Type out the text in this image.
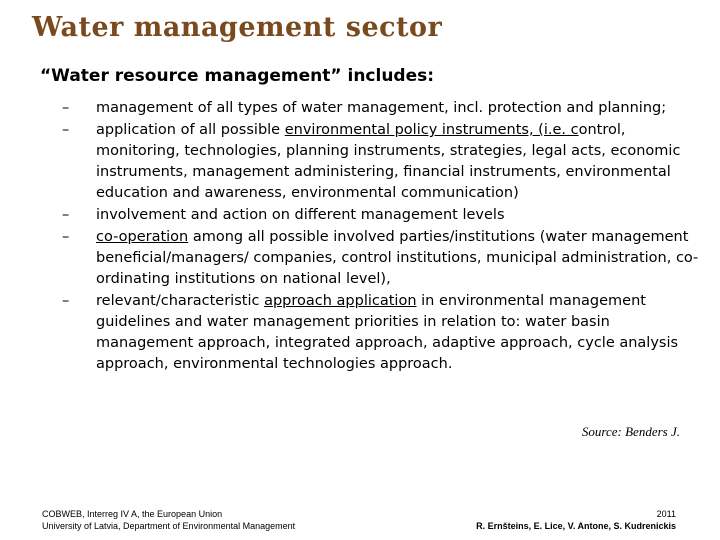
Water management sector
“Water resource management” includes:
– management of all types of water management, incl. protection and planning;
– application of all possible environmental policy instruments, (i.e. control, monitoring, technologies, planning instruments, strategies, legal acts, economic instruments, management administering, financial instruments, environmental education and awareness, environmental communication)
– involvement and action on different management levels
– co-operation among all possible involved parties/institutions (water management beneficial/managers/ companies, control institutions, municipal administration, co-ordinating institutions on national level),
– relevant/characteristic approach application in environmental management guidelines and water management priorities in relation to: water basin management approach, integrated approach, adaptive approach, cycle analysis approach, environmental technologies approach.
Source: Benders J.
COBWEB, Interreg IV A, the European Union
University of Latvia, Department of Environmental Management
2011
R. Ernšteins, E. Lice, V. Antone, S. Kudrenickis
